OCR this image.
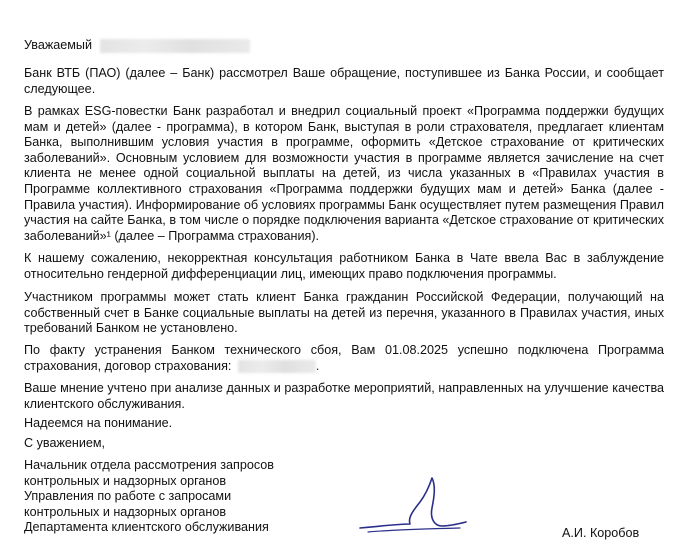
Уважаемый

Банк ВТБ (ПАО) (далее – Банк) рассмотрел Ваше обращение, поступившее из Банка России, и сообщает следующее.

В рамках ESG-повестки Банк разработал и внедрил социальный проект «Программа поддержки будущих мам и детей» (далее - программа), в котором Банк, выступая в роли страхователя, предлагает клиентам Банка, выполнившим условия участия в программе, оформить «Детское страхование от критических заболеваний». Основным условием для возможности участия в программе является зачисление на счет клиента не менее одной социальной выплаты на детей, из числа указанных в «Правилах участия в Программе коллективного страхования «Программа поддержки будущих мам и детей» Банка (далее - Правила участия). Информирование об условиях программы Банк осуществляет путем размещения Правил участия на сайте Банка, в том числе о порядке подключения варианта «Детское страхование от критических заболеваний»¹ (далее – Программа страхования).

К нашему сожалению, некорректная консультация работником Банка в Чате ввела Вас в заблуждение относительно гендерной дифференциации лиц, имеющих право подключения программы.

Участником программы может стать клиент Банка гражданин Российской Федерации, получающий на собственный счет в Банке социальные выплаты на детей из перечня, указанного в Правилах участия, иных требований Банком не установлено.

По факту устранения Банком технического сбоя, Вам 01.08.2025 успешно подключена Программа страхования, договор страхования:	.

Ваше мнение учтено при анализе данных и разработке мероприятий, направленных на улучшение качества клиентского обслуживания.

Надеемся на понимание.

С уважением,

Начальник отдела рассмотрения запросов
контрольных и надзорных органов
Управления по работе с запросами
контрольных и надзорных органов
Департамента клиентского обслуживания	А.И. Коробов
